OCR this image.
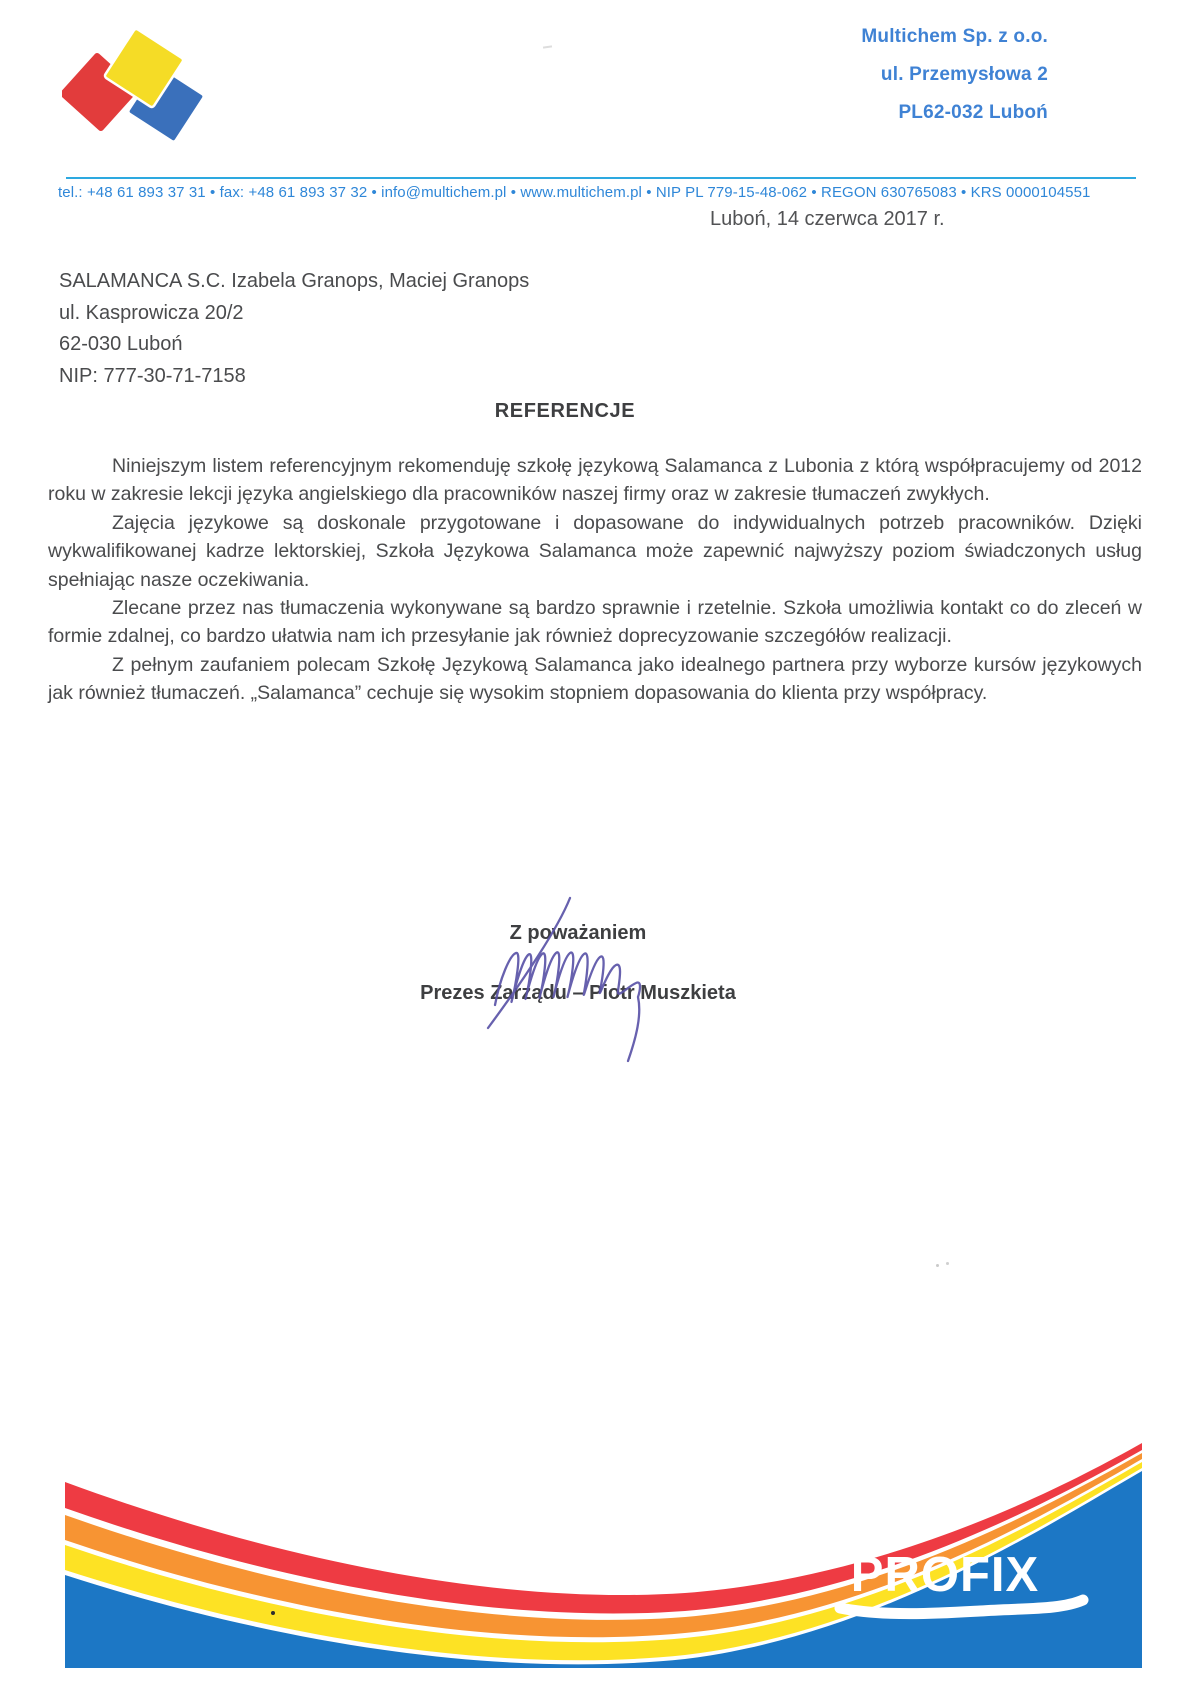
Multichem Sp. z o.o.
ul. Przemysłowa 2
PL62-032 Luboń
tel.: +48 61 893 37 31 • fax: +48 61 893 37 32 • info@multichem.pl • www.multichem.pl • NIP PL 779-15-48-062 • REGON 630765083 • KRS 0000104551
Luboń, 14 czerwca 2017 r.
SALAMANCA S.C. Izabela Granops, Maciej Granops
ul. Kasprowicza 20/2
62-030 Luboń
NIP: 777-30-71-7158
REFERENCJE

Niniejszym listem referencyjnym rekomenduję szkołę językową Salamanca z Lubonia z którą współpracujemy od 2012 roku w zakresie lekcji języka angielskiego dla pracowników naszej firmy oraz w zakresie tłumaczeń zwykłych.

Zajęcia językowe są doskonale przygotowane i dopasowane do indywidualnych potrzeb pracowników. Dzięki wykwalifikowanej kadrze lektorskiej, Szkoła Językowa Salamanca może zapewnić najwyższy poziom świadczonych usług spełniając nasze oczekiwania.

Zlecane przez nas tłumaczenia wykonywane są bardzo sprawnie i rzetelnie. Szkoła umożliwia kontakt co do zleceń w formie zdalnej, co bardzo ułatwia nam ich przesyłanie jak również doprecyzowanie szczegółów realizacji.

Z pełnym zaufaniem polecam Szkołę Językową Salamanca jako idealnego partnera przy wyborze kursów językowych jak również tłumaczeń. „Salamanca” cechuje się wysokim stopniem dopasowania do klienta przy współpracy.

Z poważaniem
Prezes Zarządu – Piotr Muszkieta
PROFIX
